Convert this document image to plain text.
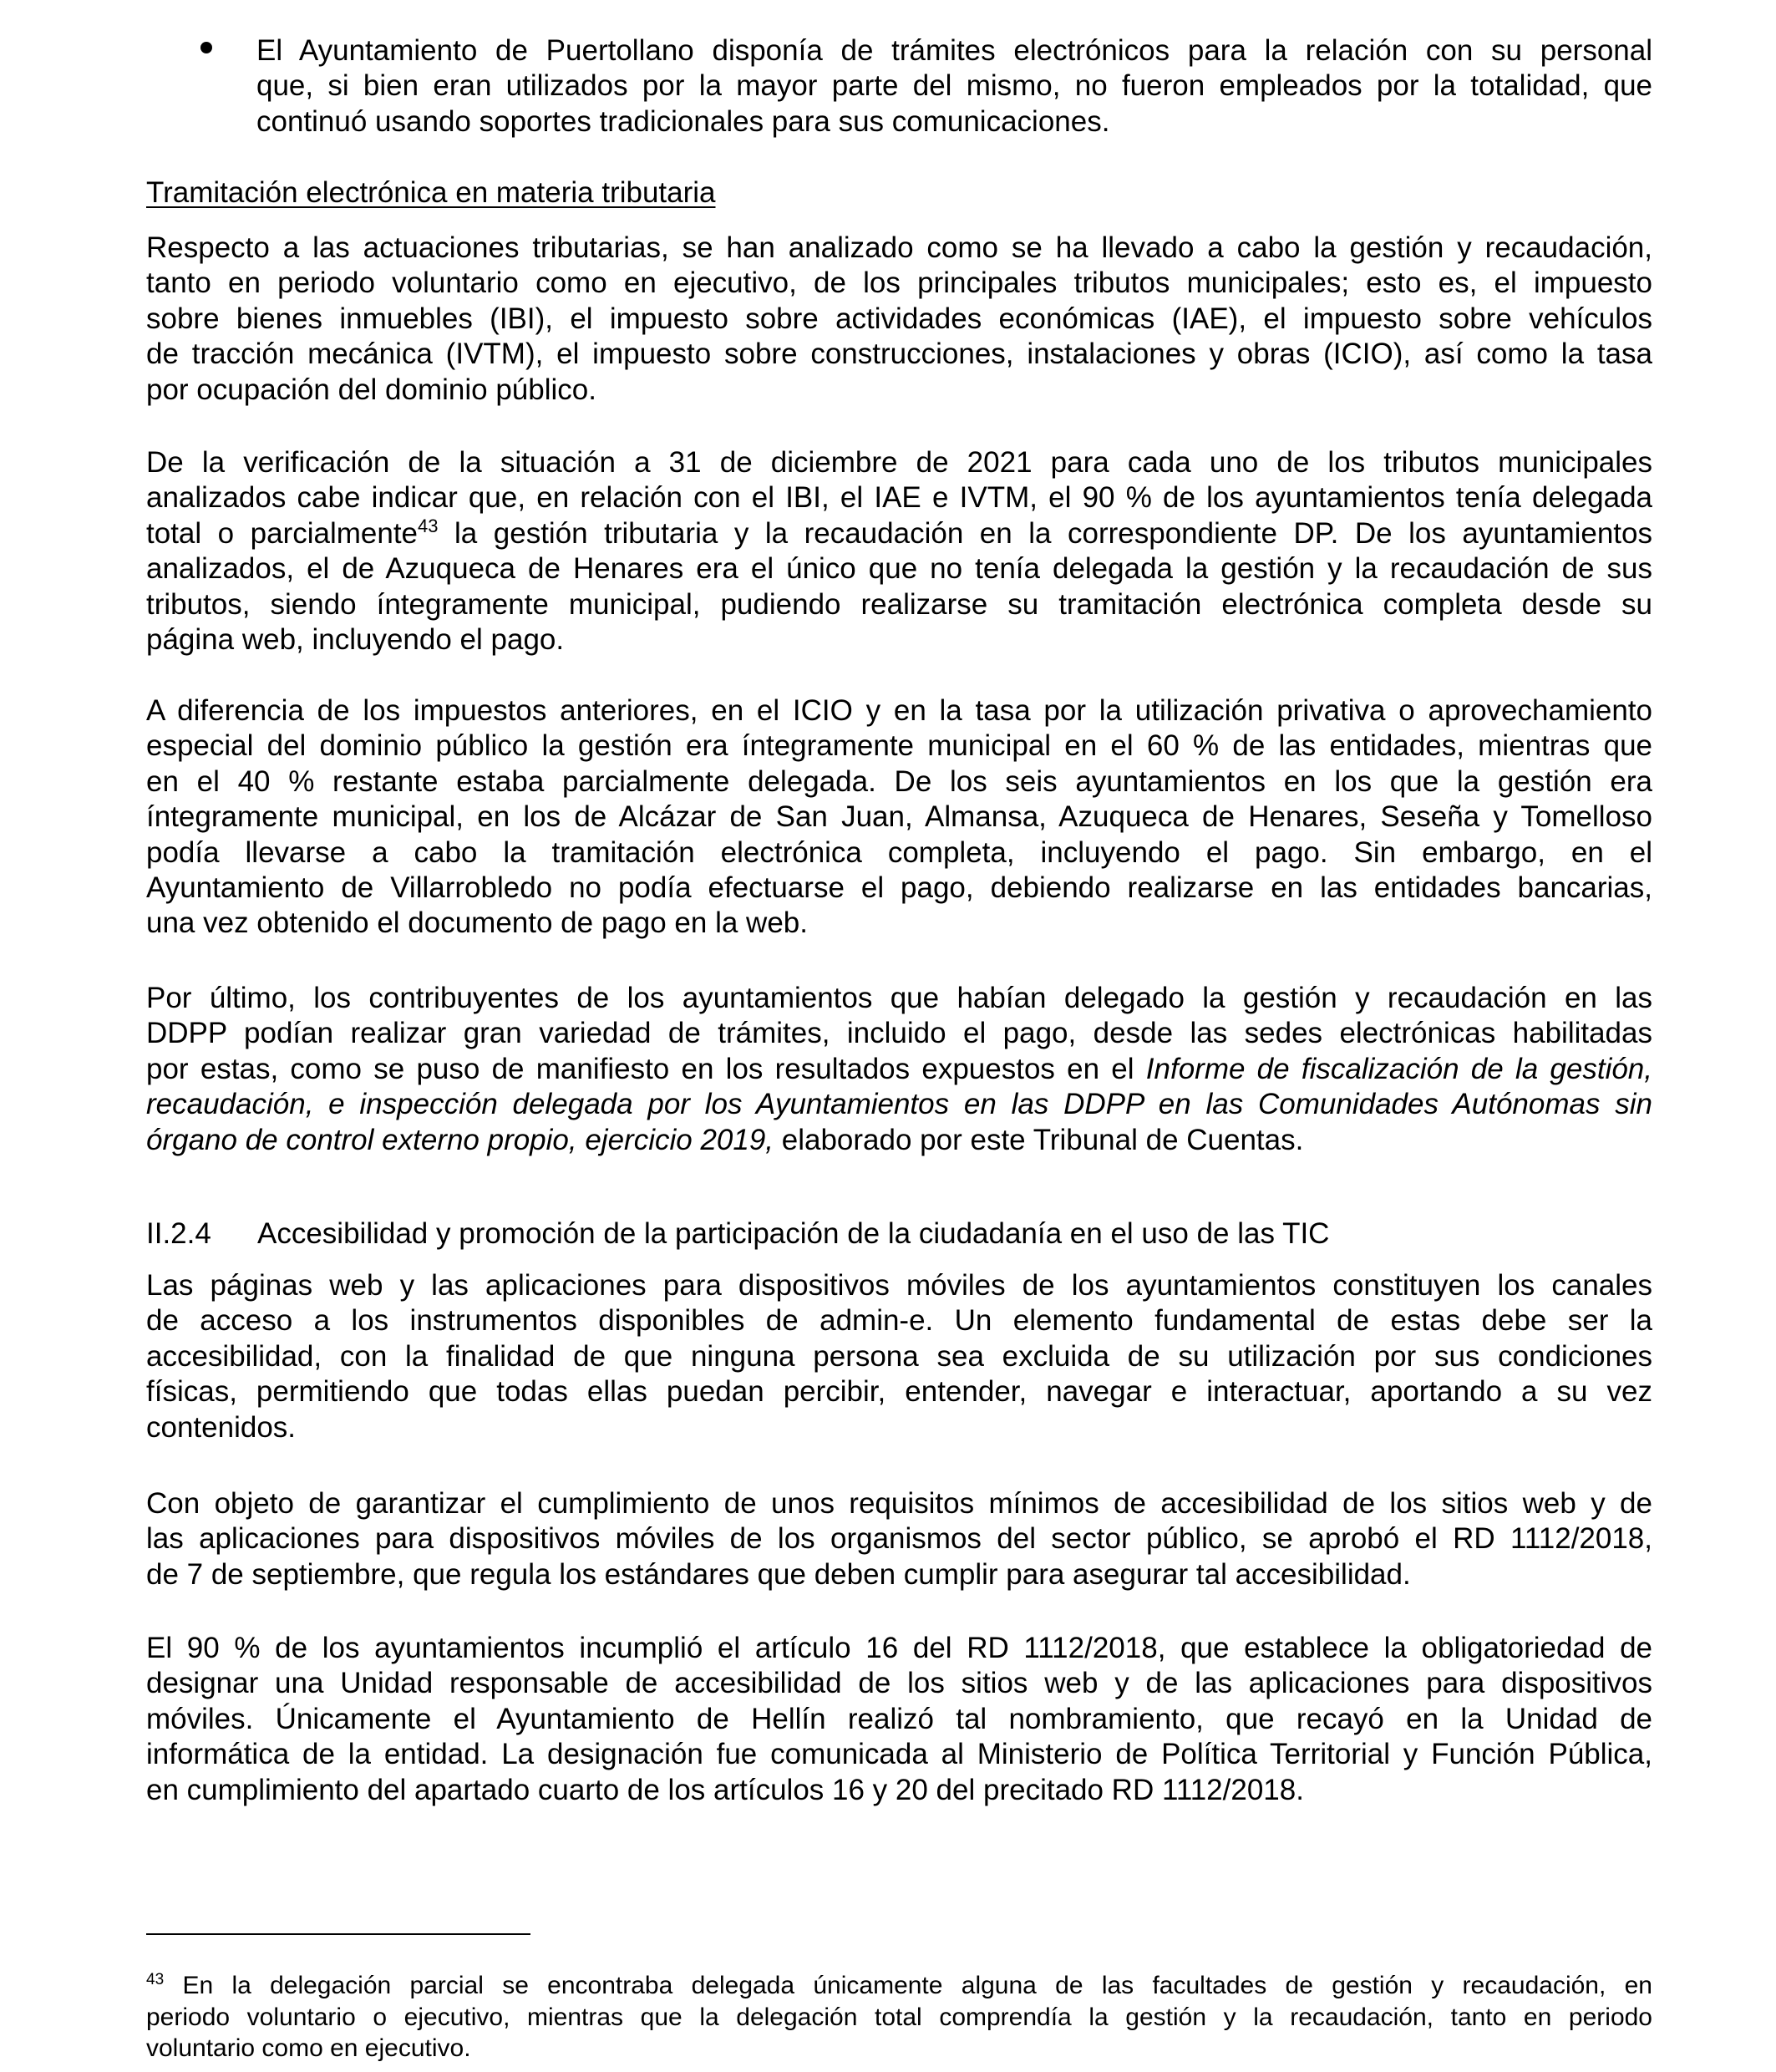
El Ayuntamiento de Puertollano disponía de trámites electrónicos para la relación con su personal
que, si bien eran utilizados por la mayor parte del mismo, no fueron empleados por la totalidad, que
continuó usando soportes tradicionales para sus comunicaciones.
Tramitación electrónica en materia tributaria
Respecto a las actuaciones tributarias, se han analizado como se ha llevado a cabo la gestión y recaudación,
tanto en periodo voluntario como en ejecutivo, de los principales tributos municipales; esto es, el impuesto
sobre bienes inmuebles (IBI), el impuesto sobre actividades económicas (IAE), el impuesto sobre vehículos
de tracción mecánica (IVTM), el impuesto sobre construcciones, instalaciones y obras (ICIO), así como la tasa
por ocupación del dominio público.
De la verificación de la situación a 31 de diciembre de 2021 para cada uno de los tributos municipales
analizados cabe indicar que, en relación con el IBI, el IAE e IVTM, el 90 % de los ayuntamientos tenía delegada
total o parcialmente$^{43}$ la gestión tributaria y la recaudación en la correspondiente DP. De los ayuntamientos
analizados, el de Azuqueca de Henares era el único que no tenía delegada la gestión y la recaudación de sus
tributos, siendo íntegramente municipal, pudiendo realizarse su tramitación electrónica completa desde su
página web, incluyendo el pago.
A diferencia de los impuestos anteriores, en el ICIO y en la tasa por la utilización privativa o aprovechamiento
especial del dominio público la gestión era íntegramente municipal en el 60 % de las entidades, mientras que
en el 40 % restante estaba parcialmente delegada. De los seis ayuntamientos en los que la gestión era
íntegramente municipal, en los de Alcázar de San Juan, Almansa, Azuqueca de Henares, Seseña y Tomelloso
podía llevarse a cabo la tramitación electrónica completa, incluyendo el pago. Sin embargo, en el
Ayuntamiento de Villarrobledo no podía efectuarse el pago, debiendo realizarse en las entidades bancarias,
una vez obtenido el documento de pago en la web.
Por último, los contribuyentes de los ayuntamientos que habían delegado la gestión y recaudación en las
DDPP podían realizar gran variedad de trámites, incluido el pago, desde las sedes electrónicas habilitadas
por estas, como se puso de manifiesto en los resultados expuestos en el Informe de fiscalización de la gestión,
recaudación, e inspección delegada por los Ayuntamientos en las DDPP en las Comunidades Autónomas sin
órgano de control externo propio, ejercicio 2019, elaborado por este Tribunal de Cuentas.
II.2.4 Accesibilidad y promoción de la participación de la ciudadanía en el uso de las TIC
Las páginas web y las aplicaciones para dispositivos móviles de los ayuntamientos constituyen los canales
de acceso a los instrumentos disponibles de admin-e. Un elemento fundamental de estas debe ser la
accesibilidad, con la finalidad de que ninguna persona sea excluida de su utilización por sus condiciones
físicas, permitiendo que todas ellas puedan percibir, entender, navegar e interactuar, aportando a su vez
contenidos.
Con objeto de garantizar el cumplimiento de unos requisitos mínimos de accesibilidad de los sitios web y de
las aplicaciones para dispositivos móviles de los organismos del sector público, se aprobó el RD 1112/2018,
de 7 de septiembre, que regula los estándares que deben cumplir para asegurar tal accesibilidad.
El 90 % de los ayuntamientos incumplió el artículo 16 del RD 1112/2018, que establece la obligatoriedad de
designar una Unidad responsable de accesibilidad de los sitios web y de las aplicaciones para dispositivos
móviles. Únicamente el Ayuntamiento de Hellín realizó tal nombramiento, que recayó en la Unidad de
informática de la entidad. La designación fue comunicada al Ministerio de Política Territorial y Función Pública,
en cumplimiento del apartado cuarto de los artículos 16 y 20 del precitado RD 1112/2018.
$^{43}$ En la delegación parcial se encontraba delegada únicamente alguna de las facultades de gestión y recaudación, en
periodo voluntario o ejecutivo, mientras que la delegación total comprendía la gestión y la recaudación, tanto en periodo
voluntario como en ejecutivo.
